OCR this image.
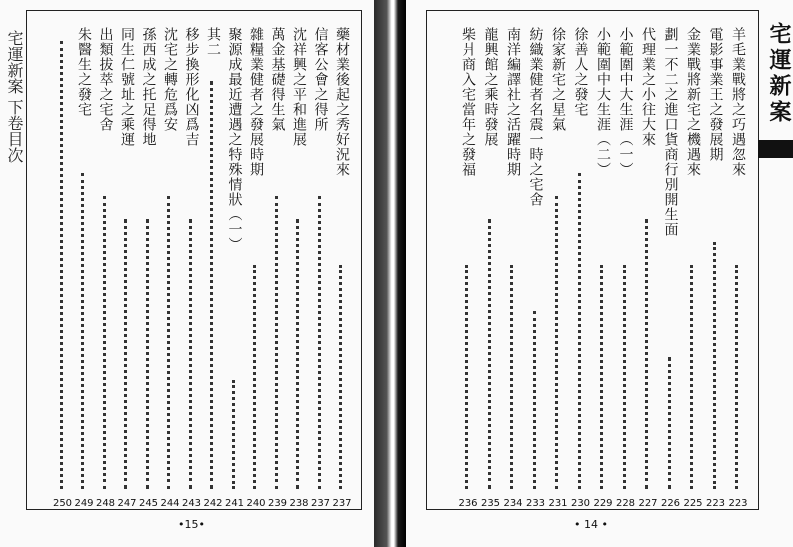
宅運新案 下卷目次	藥材業後起之秀好況來
237
信客公會之得所
237
沈祥興之平和進展
238
萬金基礎得生氣
239
雜糧業健者之發展時期
240
聚源成最近遭遇之特殊情狀（一）
241
其二
242
移步換形化凶爲吉
243
沈宅之轉危爲安
244
孫西成之托足得地
245
同生仁號址之乘運
247
出類拔萃之宅舍
248
朱醫生之發宅
249
250
•15•
羊毛業戰將之巧遇忽來
223
電影事業王之發展期
223
金業戰將新宅之機遇來
225
劃一不二之進口貨商行別開生面
226
代理業之小往大來
227
小範圍中大生涯（一）
228
小範圍中大生涯（二）
229
徐善人之發宅
230
徐家新宅之星氣
231
紡織業健者名震一時之宅舍
233
南洋編譯社之活躍時期
234
龍興館之乘時發展
235
柴爿商入宅當年之發福
236
宅運新案
• 14 •
